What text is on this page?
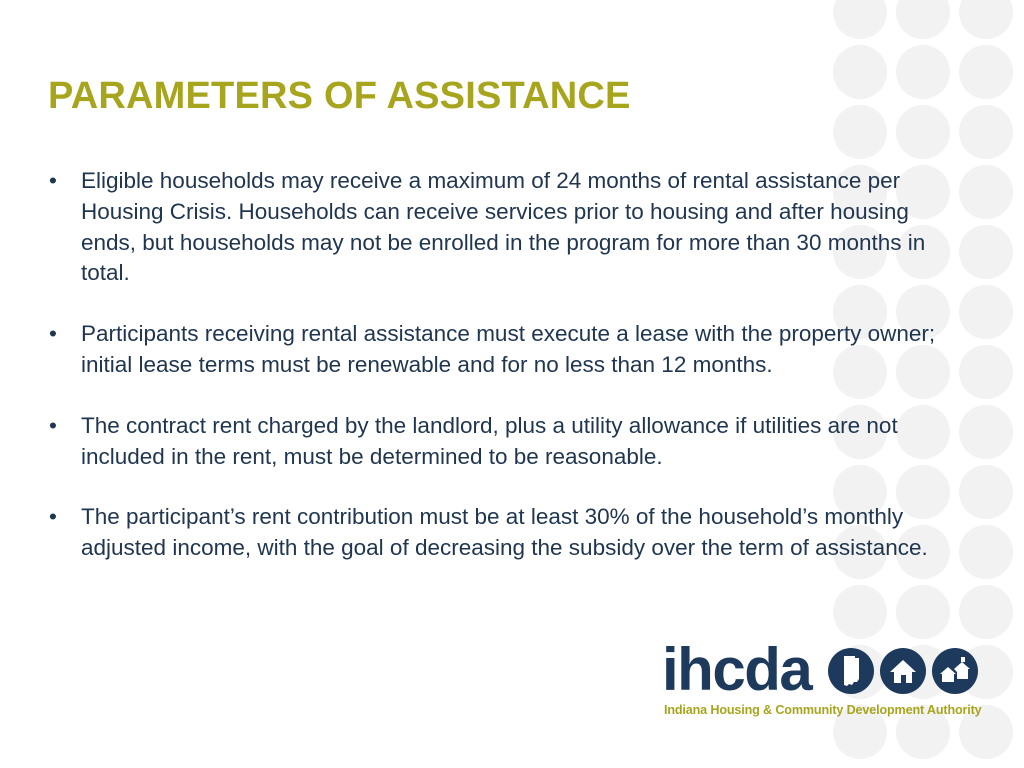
PARAMETERS OF ASSISTANCE
• Eligible households may receive a maximum of 24 months of rental assistance per Housing Crisis. Households can receive services prior to housing and after housing ends, but households may not be enrolled in the program for more than 30 months in total.
• Participants receiving rental assistance must execute a lease with the property owner; initial lease terms must be renewable and for no less than 12 months.
• The contract rent charged by the landlord, plus a utility allowance if utilities are not included in the rent, must be determined to be reasonable.
• The participant’s rent contribution must be at least 30% of the household’s monthly adjusted income, with the goal of decreasing the subsidy over the term of assistance.
ihcda
Indiana Housing & Community Development Authority
